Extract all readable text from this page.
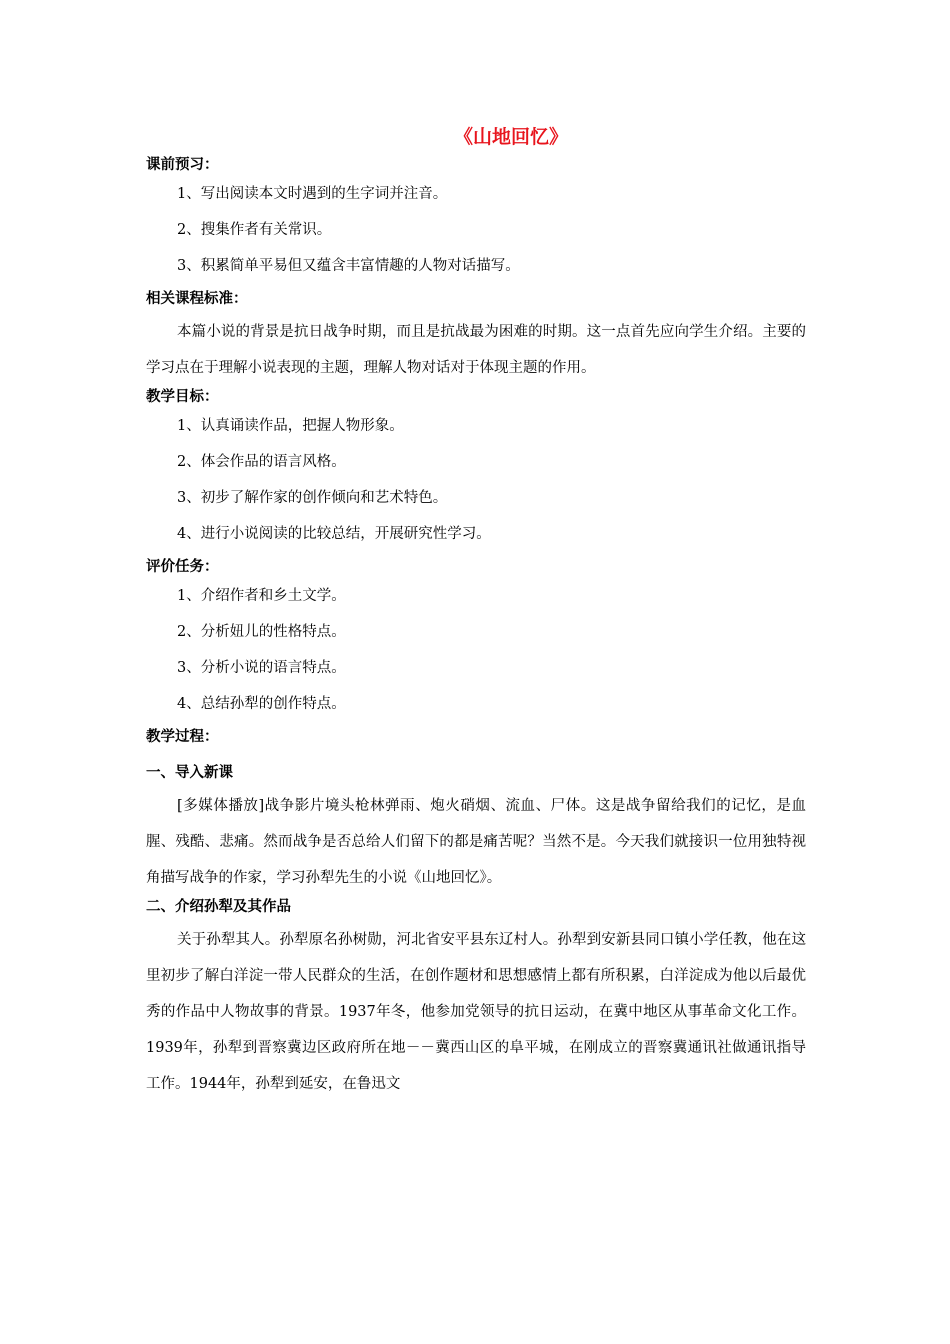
《山地回忆》

课前预习：

1、写出阅读本文时遇到的生字词并注音。

2、搜集作者有关常识。

3、积累简单平易但又蕴含丰富情趣的人物对话描写。

相关课程标准：

本篇小说的背景是抗日战争时期，而且是抗战最为困难的时期。这一点首先应向学生介绍。主要的学习点在于理解小说表现的主题，理解人物对话对于体现主题的作用。

教学目标：

1、认真诵读作品，把握人物形象。

2、体会作品的语言风格。

3、初步了解作家的创作倾向和艺术特色。

4、进行小说阅读的比较总结，开展研究性学习。

评价任务：

1、介绍作者和乡土文学。

2、分析妞儿的性格特点。

3、分析小说的语言特点。

4、总结孙犁的创作特点。

教学过程：

一、导入新课

[多媒体播放]战争影片境头枪林弹雨、炮火硝烟、流血、尸体。这是战争留给我们的记忆，是血腥、残酷、悲痛。然而战争是否总给人们留下的都是痛苦呢？当然不是。今天我们就接识一位用独特视角描写战争的作家，学习孙犁先生的小说《山地回忆》。

二、介绍孙犁及其作品

关于孙犁其人。孙犁原名孙树勋，河北省安平县东辽村人。孙犁到安新县同口镇小学任教，他在这里初步了解白洋淀一带人民群众的生活，在创作题材和思想感情上都有所积累，白洋淀成为他以后最优秀的作品中人物故事的背景。1937年冬，他参加党领导的抗日运动，在冀中地区从事革命文化工作。1939年，孙犁到晋察冀边区政府所在地－－冀西山区的阜平城，在刚成立的晋察冀通讯社做通讯指导工作。1944年，孙犁到延安，在鲁迅文
